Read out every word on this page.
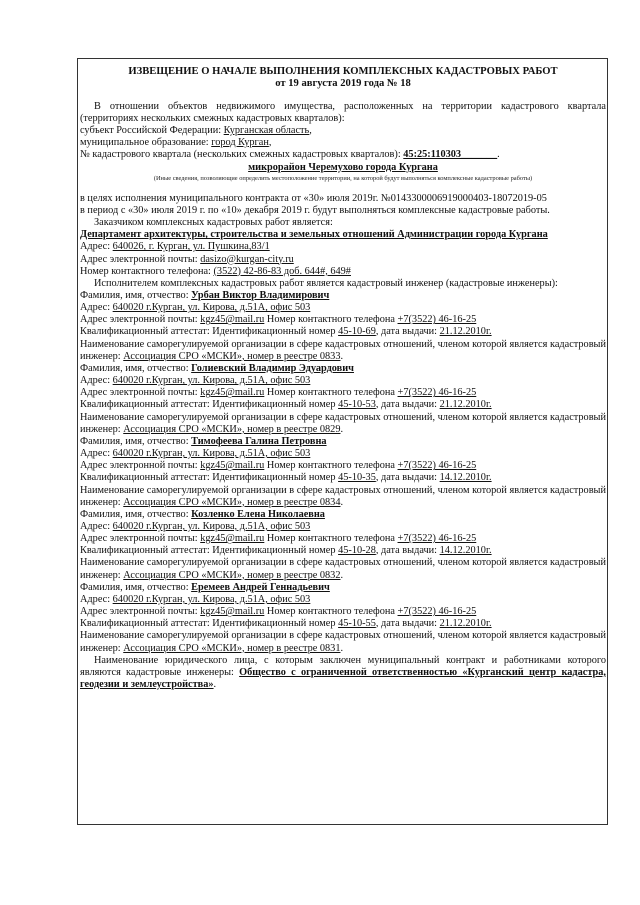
ИЗВЕЩЕНИЕ О НАЧАЛЕ ВЫПОЛНЕНИЯ КОМПЛЕКСНЫХ КАДАСТРОВЫХ РАБОТ
от 19 августа 2019 года № 18

В отношении объектов недвижимого имущества, расположенных на территории кадастрового квартала (территориях нескольких смежных кадастровых кварталов):

субъект Российской Федерации: Курганская область,

муниципальное образование: город Курган,

№ кадастрового квартала (нескольких смежных кадастровых кварталов): 45:25:110303_______.

микрорайон Черемухово города Кургана

(Иные сведения, позволяющие определить местоположение территории, на которой будут выполняться комплексные кадастровые работы)

в целях исполнения муниципального контракта от «30» июля 2019г. №0143300006919000403-18072019-05

в период с «30» июля 2019 г. по «10» декабря 2019 г. будут выполняться комплексные кадастровые работы.

Заказчиком комплексных кадастровых работ является:

Департамент архитектуры, строительства и земельных отношений Администрации города Кургана

Адрес: 640026, г. Курган, ул. Пушкина,83/1

Адрес электронной почты: dasizo@kurgan-city.ru

Номер контактного телефона: (3522) 42-86-83 доб. 644#, 649#

Исполнителем комплексных кадастровых работ является кадастровый инженер (кадастровые инженеры):

Фамилия, имя, отчество: Урбан Виктор Владимирович

Адрес: 640020 г.Курган, ул. Кирова, д.51А, офис 503

Адрес электронной почты: kgz45@mail.ru Номер контактного телефона +7(3522) 46-16-25

Квалификационный аттестат: Идентификационный номер 45-10-69, дата выдачи: 21.12.2010г.

Наименование саморегулируемой организации в сфере кадастровых отношений, членом которой является кадастровый инженер: Ассоциация СРО «МСКИ», номер в реестре 0833.

Фамилия, имя, отчество: Голиевский Владимир Эдуардович

Адрес: 640020 г.Курган, ул. Кирова, д.51А, офис 503

Адрес электронной почты: kgz45@mail.ru Номер контактного телефона +7(3522) 46-16-25

Квалификационный аттестат: Идентификационный номер 45-10-53, дата выдачи: 21.12.2010г.

Наименование саморегулируемой организации в сфере кадастровых отношений, членом которой является кадастровый инженер: Ассоциация СРО «МСКИ», номер в реестре 0829.

Фамилия, имя, отчество: Тимофеева Галина Петровна

Адрес: 640020 г.Курган, ул. Кирова, д.51А, офис 503

Адрес электронной почты: kgz45@mail.ru Номер контактного телефона +7(3522) 46-16-25

Квалификационный аттестат: Идентификационный номер 45-10-35, дата выдачи: 14.12.2010г.

Наименование саморегулируемой организации в сфере кадастровых отношений, членом которой является кадастровый инженер: Ассоциация СРО «МСКИ», номер в реестре 0834.

Фамилия, имя, отчество: Козленко Елена Николаевна

Адрес: 640020 г.Курган, ул. Кирова, д.51А, офис 503

Адрес электронной почты: kgz45@mail.ru Номер контактного телефона +7(3522) 46-16-25

Квалификационный аттестат: Идентификационный номер 45-10-28, дата выдачи: 14.12.2010г.

Наименование саморегулируемой организации в сфере кадастровых отношений, членом которой является кадастровый инженер: Ассоциация СРО «МСКИ», номер в реестре 0832.

Фамилия, имя, отчество: Еремеев Андрей Геннадьевич

Адрес: 640020 г.Курган, ул. Кирова, д.51А, офис 503

Адрес электронной почты: kgz45@mail.ru Номер контактного телефона +7(3522) 46-16-25

Квалификационный аттестат: Идентификационный номер 45-10-55, дата выдачи: 21.12.2010г.

Наименование саморегулируемой организации в сфере кадастровых отношений, членом которой является кадастровый инженер: Ассоциация СРО «МСКИ», номер в реестре 0831.

Наименование юридического лица, с которым заключен муниципальный контракт и работниками которого являются кадастровые инженеры: Общество с ограниченной ответственностью «Курганский центр кадастра, геодезии и землеустройства».
